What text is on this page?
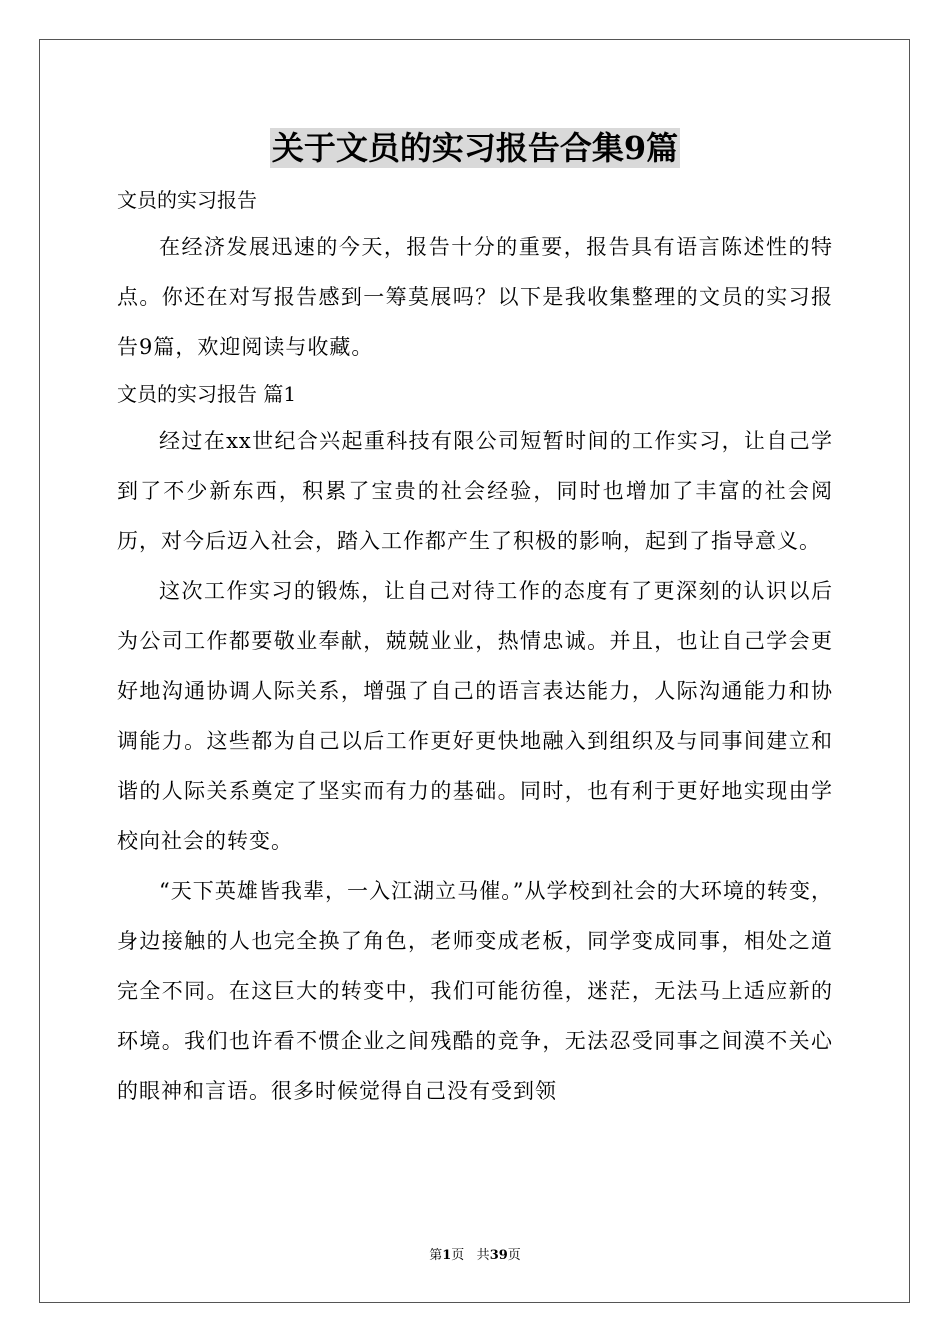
关于文员的实习报告合集9篇
文员的实习报告

在经济发展迅速的今天，报告十分的重要，报告具有语言陈述性的特点。你还在对写报告感到一筹莫展吗？以下是我收集整理的文员的实习报告9篇，欢迎阅读与收藏。

文员的实习报告 篇1

经过在xx世纪合兴起重科技有限公司短暂时间的工作实习，让自己学到了不少新东西，积累了宝贵的社会经验，同时也增加了丰富的社会阅历，对今后迈入社会，踏入工作都产生了积极的影响，起到了指导意义。

这次工作实习的锻炼，让自己对待工作的态度有了更深刻的认识以后为公司工作都要敬业奉献，兢兢业业，热情忠诚。并且，也让自己学会更好地沟通协调人际关系，增强了自己的语言表达能力，人际沟通能力和协调能力。这些都为自己以后工作更好更快地融入到组织及与同事间建立和谐的人际关系奠定了坚实而有力的基础。同时，也有利于更好地实现由学校向社会的转变。

“天下英雄皆我辈，一入江湖立马催。”从学校到社会的大环境的转变，身边接触的人也完全换了角色，老师变成老板，同学变成同事，相处之道完全不同。在这巨大的转变中，我们可能彷徨，迷茫，无法马上适应新的环境。我们也许看不惯企业之间残酷的竞争，无法忍受同事之间漠不关心的眼神和言语。很多时候觉得自己没有受到领

第1页 共39页
